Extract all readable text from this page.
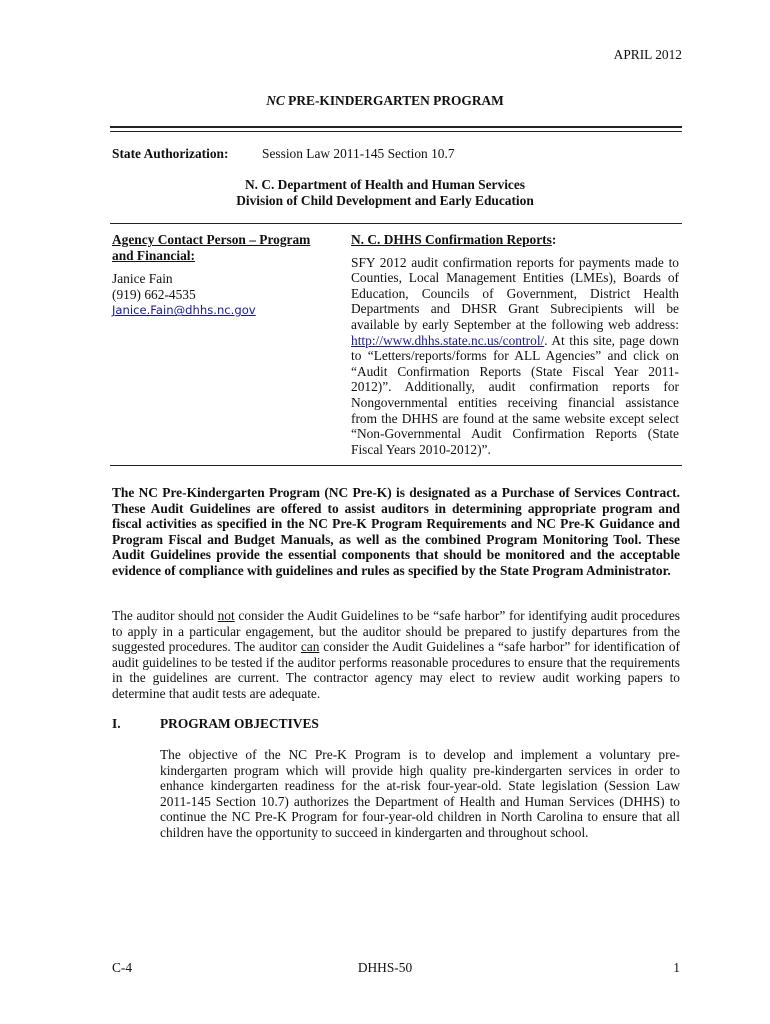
APRIL 2012
NC PRE-KINDERGARTEN PROGRAM
State Authorization:	Session Law 2011-145 Section 10.7

N. C. Department of Health and Human Services

Division of Child Development and Early Education

Agency Contact Person – Program

and Financial:

Janice Fain

(919) 662-4535

Janice.Fain@dhhs.nc.gov

N. C. DHHS Confirmation Reports:

SFY 2012 audit confirmation reports for payments made to Counties, Local Management Entities (LMEs), Boards of Education, Councils of Government, District Health Departments and DHSR Grant Subrecipients will be available by early September at the following web address: http://www.dhhs.state.nc.us/control/. At this site, page down to “Letters/reports/forms for ALL Agencies” and click on “Audit Confirmation Reports (State Fiscal Year 2011-2012)”. Additionally, audit confirmation reports for Nongovernmental entities receiving financial assistance from the DHHS are found at the same website except select “Non-Governmental Audit Confirmation Reports (State Fiscal Years 2010-2012)”.

The NC Pre-Kindergarten Program (NC Pre-K) is designated as a Purchase of Services Contract. These Audit Guidelines are offered to assist auditors in determining appropriate program and fiscal activities as specified in the NC Pre-K Program Requirements and NC Pre-K Guidance and Program Fiscal and Budget Manuals, as well as the combined Program Monitoring Tool. These Audit Guidelines provide the essential components that should be monitored and the acceptable evidence of compliance with guidelines and rules as specified by the State Program Administrator.

The auditor should not consider the Audit Guidelines to be “safe harbor” for identifying audit procedures to apply in a particular engagement, but the auditor should be prepared to justify departures from the suggested procedures. The auditor can consider the Audit Guidelines a “safe harbor” for identification of audit guidelines to be tested if the auditor performs reasonable procedures to ensure that the requirements in the guidelines are current. The contractor agency may elect to review audit working papers to determine that audit tests are adequate.

I.	PROGRAM OBJECTIVES

The objective of the NC Pre-K Program is to develop and implement a voluntary pre-kindergarten program which will provide high quality pre-kindergarten services in order to enhance kindergarten readiness for the at-risk four-year-old. State legislation (Session Law 2011-145 Section 10.7) authorizes the Department of Health and Human Services (DHHS) to continue the NC Pre-K Program for four-year-old children in North Carolina to ensure that all children have the opportunity to succeed in kindergarten and throughout school.

C-4	DHHS-50	1
